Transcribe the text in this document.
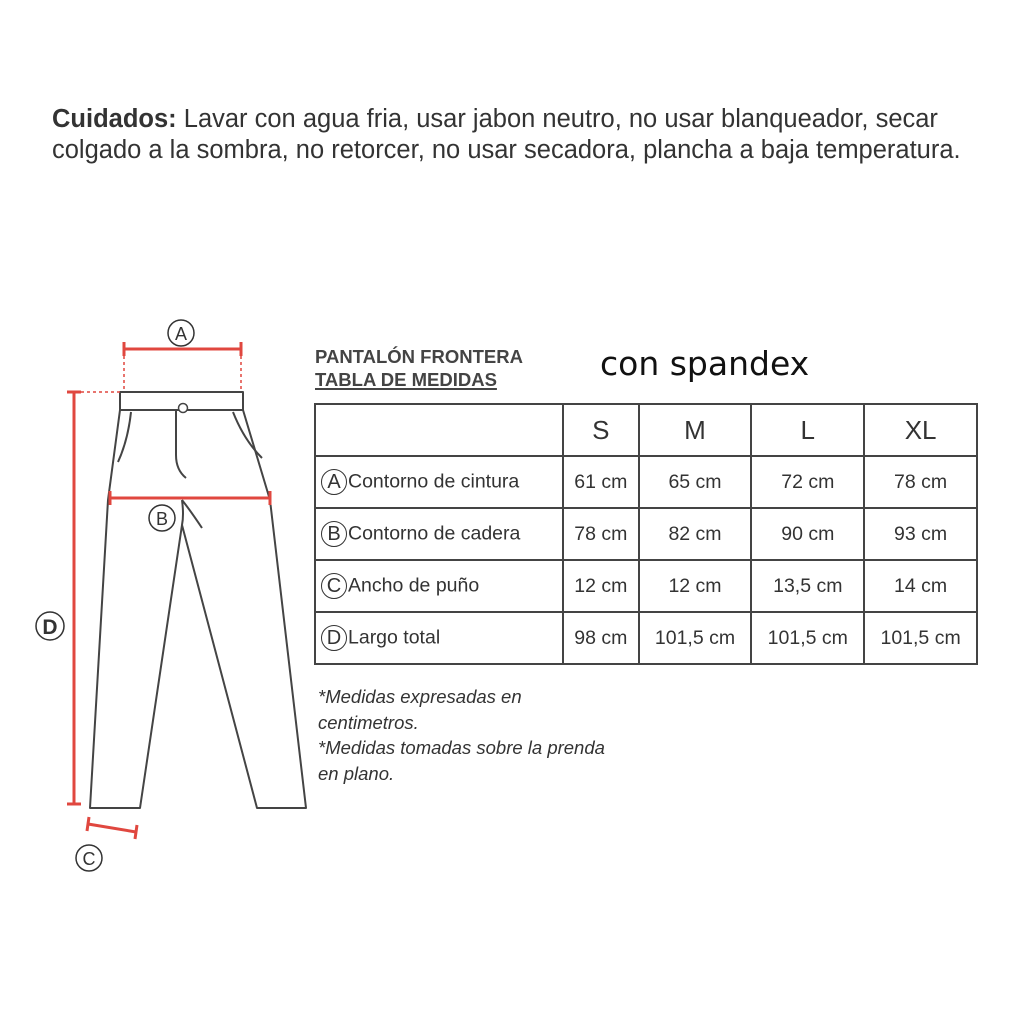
Cuidados: Lavar con agua fria, usar jabon neutro, no usar blanqueador, secar colgado a la sombra, no retorcer, no usar secadora, plancha a baja temperatura.
PANTALÓN FRONTERA
TABLA DE MEDIDAS	con spandex
	S	M	L	XL
A Contorno de cintura	61 cm	65 cm	72 cm	78 cm
B Contorno de cadera	78 cm	82 cm	90 cm	93 cm
C Ancho de puño	12 cm	12 cm	13,5 cm	14 cm
D Largo total	98 cm	101,5 cm	101,5 cm	101,5 cm
*Medidas expresadas en
centimetros.
*Medidas tomadas sobre la prenda
en plano.
A
B
C
D
